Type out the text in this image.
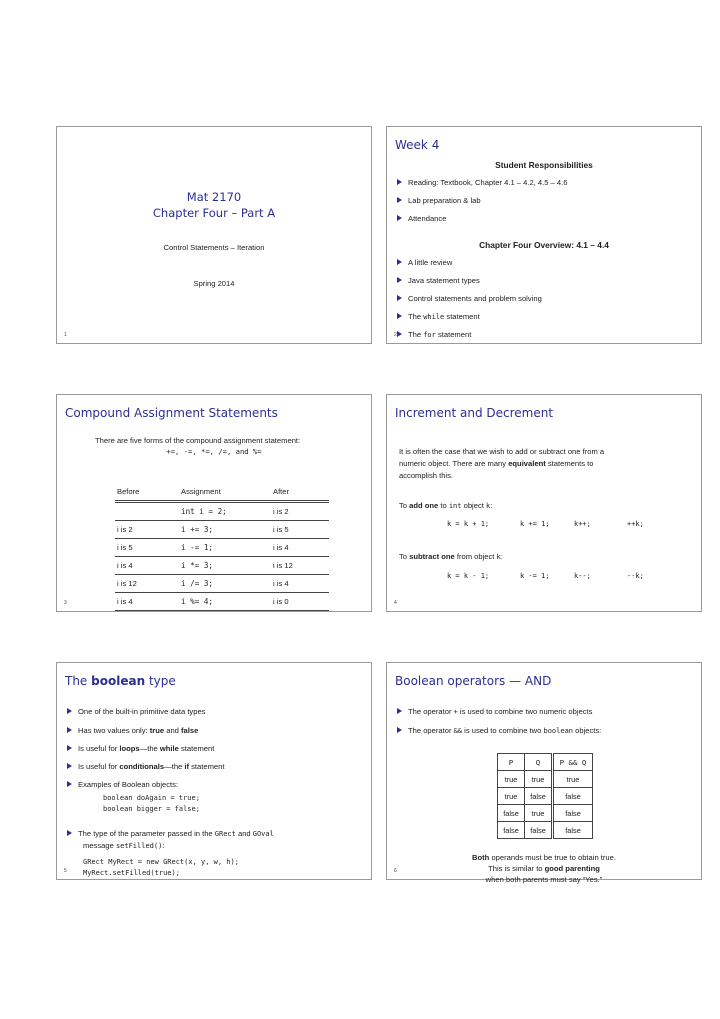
Mat 2170
Chapter Four – Part A
Control Statements – Iteration
Spring 2014
1
Week 4
Student Responsibilities
Reading: Textbook, Chapter 4.1 – 4.2, 4.5 – 4.6
Lab preparation & lab
Attendance
Chapter Four Overview: 4.1 – 4.4
A little review
Java statement types
Control statements and problem solving
The while statement
The for statement
2
Compound Assignment Statements
There are five forms of the compound assignment statement:
+=, -=, *=, /=, and %=
Before	Assignment	After
	int i = 2;	i is 2
i is 2	i += 3;	i is 5
i is 5	i -= 1;	i is 4
i is 4	i *= 3;	i is 12
i is 12	i /= 3;	i is 4
i is 4	i %= 4;	i is 0
3
Increment and Decrement
It is often the case that we wish to add or subtract one from a
numeric object. There are many equivalent statements to
accomplish this.
To add one to int object k:
k = k + 1;	k += 1;	k++;	++k;
To subtract one from object k:
k = k - 1;	k -= 1;	k--;	--k;
4
The boolean type
One of the built-in primitive data types
Has two values only: true and false
Is useful for loops—the while statement
Is useful for conditionals—the if statement
Examples of Boolean objects:
boolean doAgain = true;
boolean bigger = false;
The type of the parameter passed in the GRect and GOval
message setFilled():
GRect MyRect = new GRect(x, y, w, h);
MyRect.setFilled(true);
5
Boolean operators — AND
The operator + is used to combine two numeric objects
The operator && is used to combine two boolean objects:
P	Q	P && Q
true	true	true
true	false	false
false	true	false
false	false	false
Both operands must be true to obtain true.
This is similar to good parenting
when both parents must say “Yes.”
6
